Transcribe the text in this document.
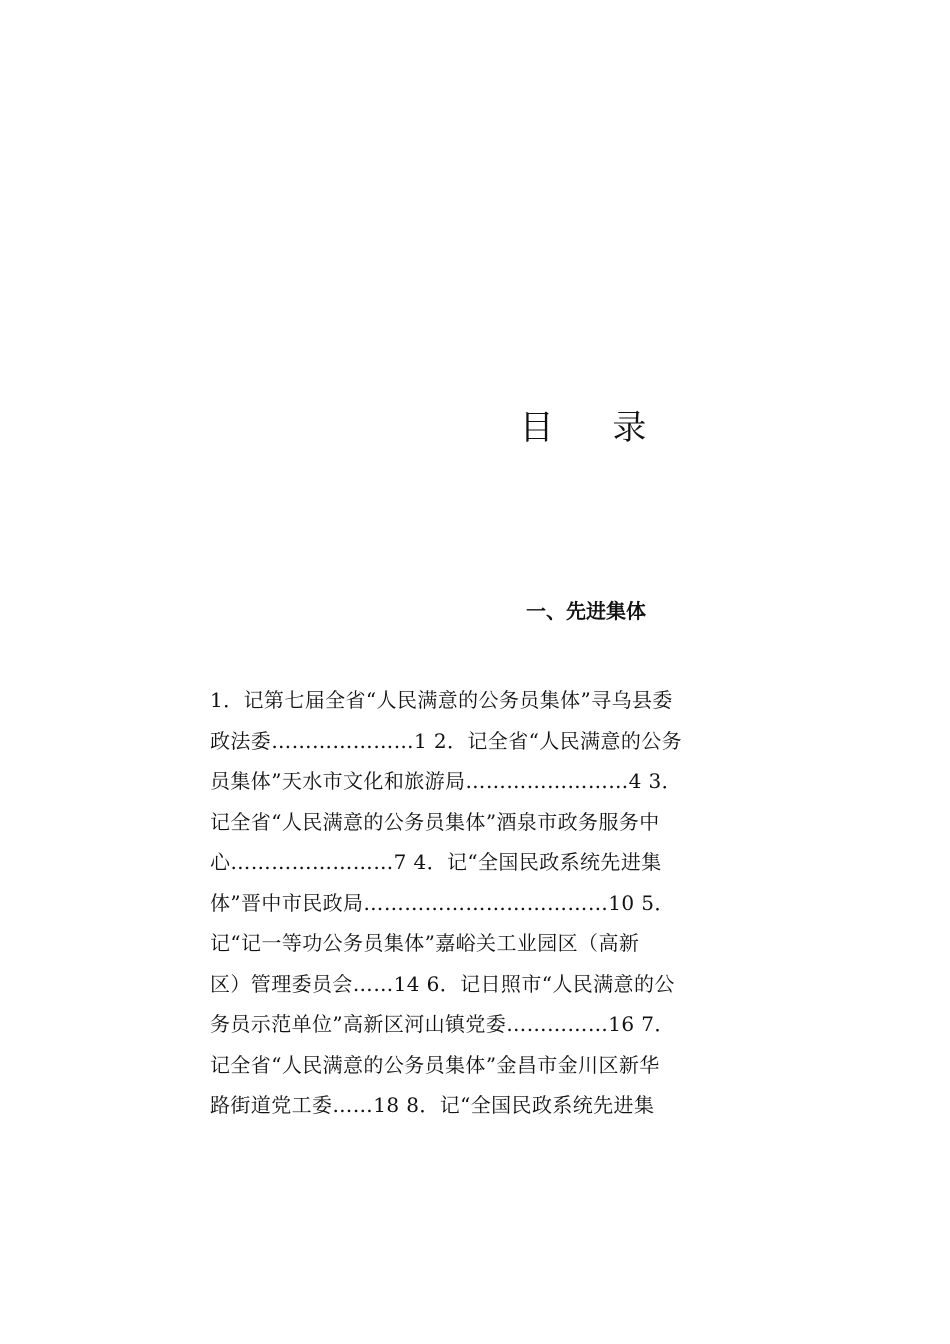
目 录
一、先进集体
1．记第七届全省“人民满意的公务员集体”寻乌县委
政法委…………………1 2．记全省“人民满意的公务
员集体”天水市文化和旅游局……………………4 3．
记全省“人民满意的公务员集体”酒泉市政务服务中
心……………………7 4．记“全国民政系统先进集
体”晋中市民政局………………………………10 5．
记“记一等功公务员集体”嘉峪关工业园区（高新
区）管理委员会……14 6．记日照市“人民满意的公
务员示范单位”高新区河山镇党委……………16 7．
记全省“人民满意的公务员集体”金昌市金川区新华
路街道党工委……18 8．记“全国民政系统先进集
